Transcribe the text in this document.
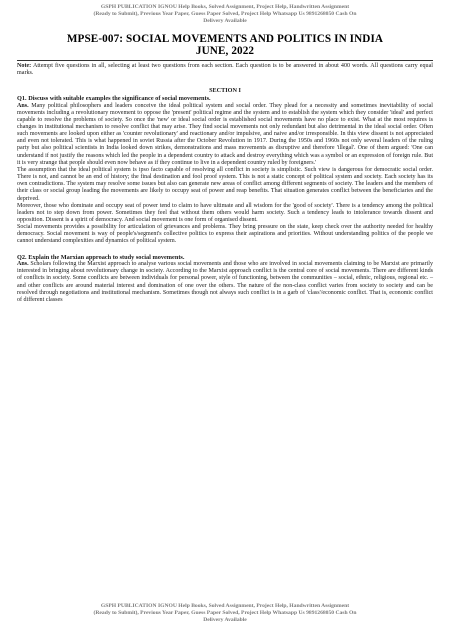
GSPH PUBLICATION IGNOU Help Books, Solved Assignment, Project Help, Handwritten Assignment
(Ready to Submit), Previous Year Paper, Guess Paper Solved, Project Help Whatsapp Us 9891268050 Cash On
Delivery Available
MPSE-007: SOCIAL MOVEMENTS AND POLITICS IN INDIA
JUNE, 2022
Note: Attempt five questions in all, selecting at least two questions from each section. Each question is to be answered in about 400 words. All questions carry equal marks.
SECTION I
Q1. Discuss with suitable examples the significance of social movements.

Ans. Many political philosophers and leaders conceive the ideal political system and social order. They plead for a necessity and sometimes inevitability of social movements including a revolutionary movement to oppose the 'present' political regime and the system and to establish the system which they consider 'ideal' and perfect capable to resolve the problems of society. So once the 'new' or ideal social order is established social movements have no place to exist. What at the most requires is changes in institutional mechanism to resolve conflict that may arise. They find social movements not only redundant but also detrimental in the ideal social order. Often such movements are looked upon either as 'counter revolutionary' and reactionary and/or impulsive, and naive and/or irresponsible. In this view dissent is not appreciated and even not tolerated. This is what happened in soviet Russia after the October Revolution in 1917. During the 1950s and 1960s not only several leaders of the ruling party but also political scientists in India looked down strikes, demonstrations and mass movements as disruptive and therefore 'illegal'. One of them argued: 'One can understand if not justify the reasons which led the people in a dependent country to attack and destroy everything which was a symbol or an expression of foreign rule. But it is very strange that people should even now behave as if they continue to live in a dependent country ruled by foreigners.'

The assumption that the ideal political system is ipso facto capable of resolving all conflict in society is simplistic. Such view is dangerous for democratic social order. There is not, and cannot be an end of history; the final destination and fool proof system. This is not a static concept of political system and society. Each society has its own contradictions. The system may resolve some issues but also can generate new areas of conflict among different segments of society. The leaders and the members of their class or social group leading the movements are likely to occupy seat of power and reap benefits. That situation generates conflict between the beneficiaries and the deprived.

Moreover, those who dominate and occupy seat of power tend to claim to have ultimate and all wisdom for the 'good of society'. There is a tendency among the political leaders not to step down from power. Sometimes they feel that without them others would harm society. Such a tendency leads to intolerance towards dissent and opposition. Dissent is a spirit of democracy. And social movement is one form of organised dissent.

Social movements provides a possibility for articulation of grievances and problems. They bring pressure on the state, keep check over the authority needed for healthy democracy. Social movement is way of people's/segment's collective politics to express their aspirations and priorities. Without understanding politics of the people we cannot understand complexities and dynamics of political system.

Q2. Explain the Marxian approach to study social movements.

Ans. Scholars following the Marxist approach to analyse various social movements and those who are involved in social movements claiming to be Marxist are primarily interested in bringing about revolutionary change in society. According to the Marxist approach conflict is the central core of social movements. There are different kinds of conflicts in society. Some conflicts are between individuals for personal power, style of functioning, between the communities – social, ethnic, religious, regional etc. – and other conflicts are around material interest and domination of one over the others. The nature of the non-class conflict varies from society to society and can be resolved through negotiations and institutional mechanism. Sometimes though not always such conflict is in a garb of 'class'/economic conflict. That is, economic conflict of different classes

GSPH PUBLICATION IGNOU Help Books, Solved Assignment, Project Help, Handwritten Assignment
(Ready to Submit), Previous Year Paper, Guess Paper Solved, Project Help Whatsapp Us 9891268050 Cash On
Delivery Available
